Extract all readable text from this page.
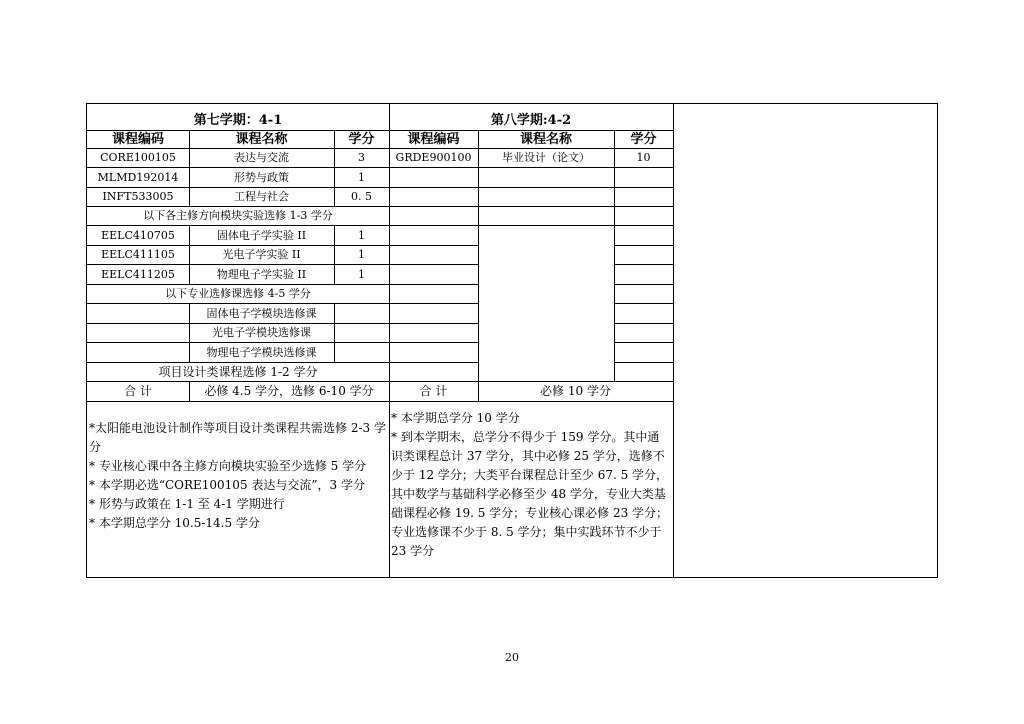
第七学期：4-1
课程编码	课程名称	学分
CORE100105	表达与交流	3
MLMD192014	形势与政策	1
INFT533005	工程与社会	0. 5
以下各主修方向模块实验选修 1-3 学分
EELC410705	固体电子学实验 II	1
EELC411105	光电子学实验 II	1
EELC411205	物理电子学实验 II	1
以下专业选修课选修 4-5 学分
固体电子学模块选修课
光电子学模块选修课
物理电子学模块选修课
项目设计类课程选修 1-2 学分
合 计	必修 4.5 学分，选修 6-10 学分
*太阳能电池设计制作等项目设计类课程共需选修 2-3 学分
* 专业核心课中各主修方向模块实验至少选修 5 学分
* 本学期必选“CORE100105 表达与交流”，3 学分
* 形势与政策在 1-1 至 4-1 学期进行
* 本学期总学分 10.5-14.5 学分
第八学期:4-2
课程编码	课程名称	学分
GRDE900100	毕业设计（论文）	10
合 计	必修 10 学分
* 本学期总学分 10 学分
* 到本学期末，总学分不得少于 159 学分。其中通识类课程总计 37 学分，其中必修 25 学分，选修不少于 12 学分；大类平台课程总计至少 67. 5 学分，其中数学与基础科学必修至少 48 学分，专业大类基础课程必修 19. 5 学分；专业核心课必修 23 学分；专业选修课不少于 8. 5 学分；集中实践环节不少于 23 学分
20
